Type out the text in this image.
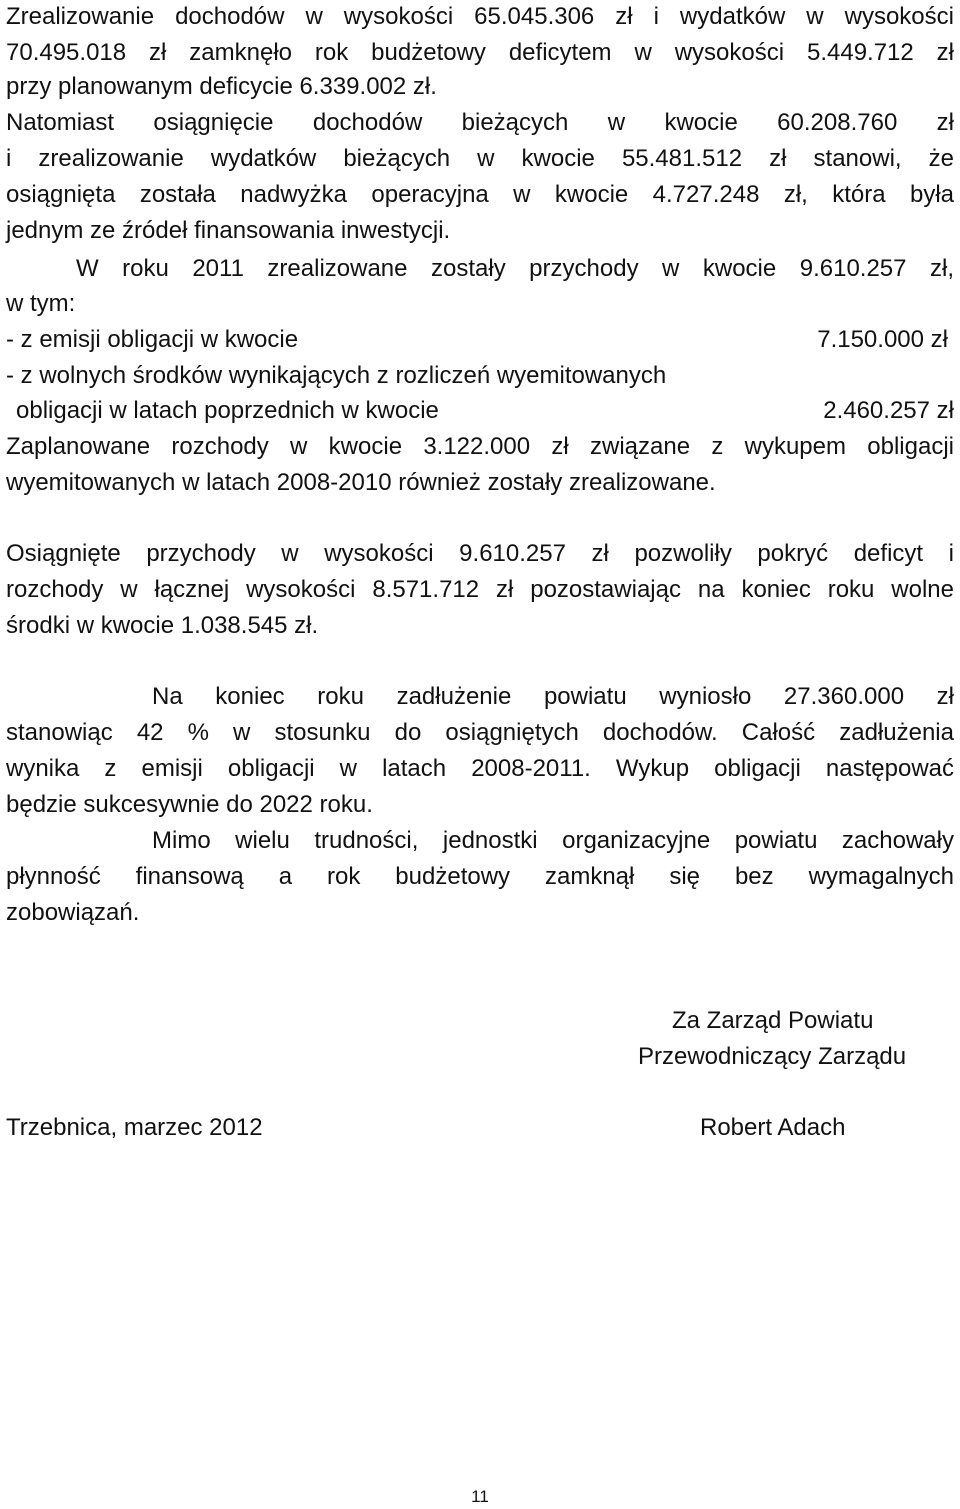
Zrealizowanie dochodów w wysokości 65.045.306 zł i wydatków w wysokości
70.495.018 zł zamknęło rok budżetowy deficytem w wysokości 5.449.712 zł
przy planowanym deficycie 6.339.002 zł.
Natomiast osiągnięcie dochodów bieżących w kwocie 60.208.760 zł
i zrealizowanie wydatków bieżących w kwocie 55.481.512 zł stanowi, że
osiągnięta została nadwyżka operacyjna w kwocie 4.727.248 zł, która była
jednym ze źródeł finansowania inwestycji.
W roku 2011 zrealizowane zostały przychody w kwocie 9.610.257 zł,
w tym:
- z emisji obligacji w kwocie	7.150.000 zł
- z wolnych środków wynikających z rozliczeń wyemitowanych
obligacji w latach poprzednich w kwocie	2.460.257 zł
Zaplanowane rozchody w kwocie 3.122.000 zł związane z wykupem obligacji
wyemitowanych w latach 2008-2010 również zostały zrealizowane.
Osiągnięte przychody w wysokości 9.610.257 zł pozwoliły pokryć deficyt i
rozchody w łącznej wysokości 8.571.712 zł pozostawiając na koniec roku wolne
środki w kwocie 1.038.545 zł.
Na koniec roku zadłużenie powiatu wyniosło 27.360.000 zł
stanowiąc 42 % w stosunku do osiągniętych dochodów. Całość zadłużenia
wynika z emisji obligacji w latach 2008-2011. Wykup obligacji następować
będzie sukcesywnie do 2022 roku.
Mimo wielu trudności, jednostki organizacyjne powiatu zachowały
płynność finansową a rok budżetowy zamknął się bez wymagalnych
zobowiązań.
Za Zarząd Powiatu
Przewodniczący Zarządu
Trzebnica, marzec 2012	Robert Adach
11
